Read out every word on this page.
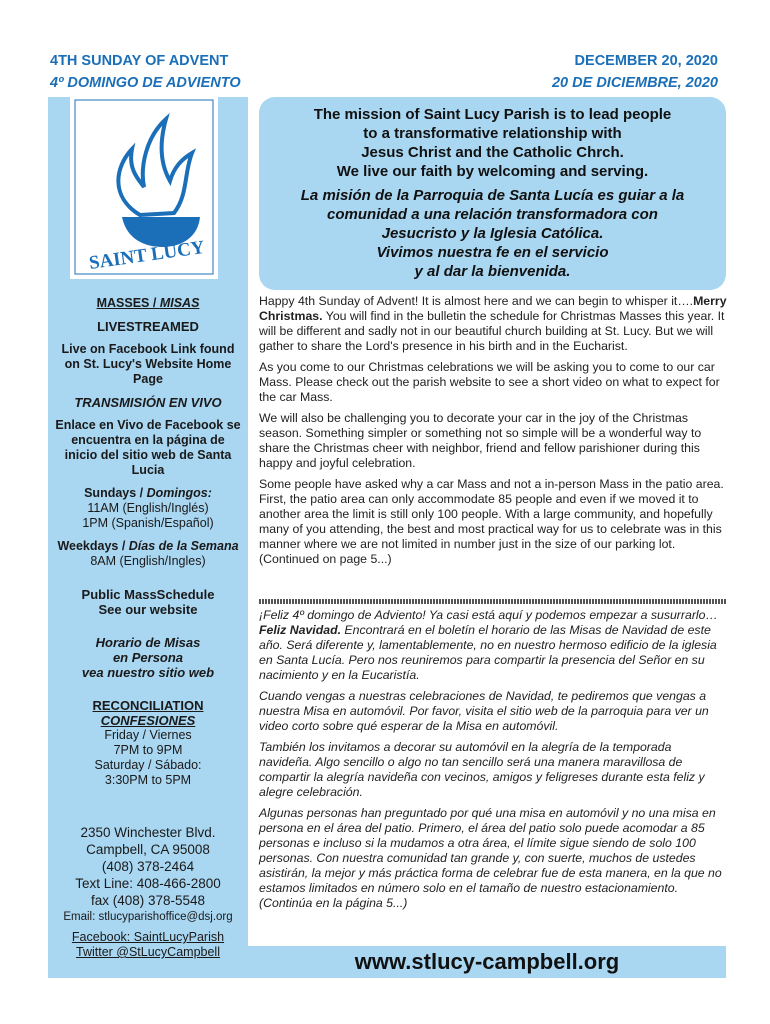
4TH SUNDAY OF ADVENT
4º DOMINGO DE ADVIENTO
DECEMBER 20, 2020
20 DE DICIEMBRE, 2020
SAINT LUCY

MASSES / MISAS

LIVESTREAMED

Live on Facebook Link found on St. Lucy's Website Home Page

TRANSMISIÓN EN VIVO

Enlace en Vivo de Facebook se encuentra en la página de inicio del sitio web de Santa Lucia

Sundays / Domingos:

11AM (English/Inglés)

1PM (Spanish/Español)

Weekdays / Días de la Semana

8AM (English/Ingles)

Public MassSchedule

See our website

Horario de Misas

en Persona

vea nuestro sitio web

RECONCILIATION

CONFESIONES

Friday / Viernes

7PM to 9PM

Saturday / Sábado:

3:30PM to 5PM

2350 Winchester Blvd.

Campbell, CA 95008

(408) 378-2464

Text Line: 408-466-2800

fax (408) 378-5548

Email: stlucyparishoffice@dsj.org

Facebook: SaintLucyParish

Twitter @StLucyCampbell

The mission of Saint Lucy Parish is to lead people
to a transformative relationship with
Jesus Christ and the Catholic Chrch.
We live our faith by welcoming and serving.
La misión de la Parroquia de Santa Lucía es guiar a la
comunidad a una relación transformadora con
Jesucristo y la Iglesia Católica.
Vivimos nuestra fe en el servicio
y al dar la bienvenida.

Happy 4th Sunday of Advent! It is almost here and we can begin to whisper it….Merry Christmas. You will find in the bulletin the schedule for Christmas Masses this year. It will be different and sadly not in our beautiful church building at St. Lucy. But we will gather to share the Lord's presence in his birth and in the Eucharist.

As you come to our Christmas celebrations we will be asking you to come to our car Mass. Please check out the parish website to see a short video on what to expect for the car Mass.

We will also be challenging you to decorate your car in the joy of the Christmas season. Something simpler or something not so simple will be a wonderful way to share the Christmas cheer with neighbor, friend and fellow parishioner during this happy and joyful celebration.

Some people have asked why a car Mass and not a in-person Mass in the patio area. First, the patio area can only accommodate 85 people and even if we moved it to another area the limit is still only 100 people. With a large community, and hopefully many of you attending, the best and most practical way for us to celebrate was in this manner where we are not limited in number just in the size of our parking lot. (Continued on page 5...)

¡Feliz 4º domingo de Adviento! Ya casi está aquí y podemos empezar a susurrarlo… Feliz Navidad. Encontrará en el boletín el horario de las Misas de Navidad de este año. Será diferente y, lamentablemente, no en nuestro hermoso edificio de la iglesia en Santa Lucía. Pero nos reuniremos para compartir la presencia del Señor en su nacimiento y en la Eucaristía.

Cuando vengas a nuestras celebraciones de Navidad, te pediremos que vengas a nuestra Misa en automóvil. Por favor, visita el sitio web de la parroquia para ver un video corto sobre qué esperar de la Misa en automóvil.

También los invitamos a decorar su automóvil en la alegría de la temporada navideña. Algo sencillo o algo no tan sencillo será una manera maravillosa de compartir la alegría navideña con vecinos, amigos y feligreses durante esta feliz y alegre celebración.

Algunas personas han preguntado por qué una misa en automóvil y no una misa en persona en el área del patio. Primero, el área del patio solo puede acomodar a 85 personas e incluso si la mudamos a otra área, el límite sigue siendo de solo 100 personas. Con nuestra comunidad tan grande y, con suerte, muchos de ustedes asistirán, la mejor y más práctica forma de celebrar fue de esta manera, en la que no estamos limitados en número solo en el tamaño de nuestro estacionamiento. (Continúa en la página 5...)

www.stlucy-campbell.org
